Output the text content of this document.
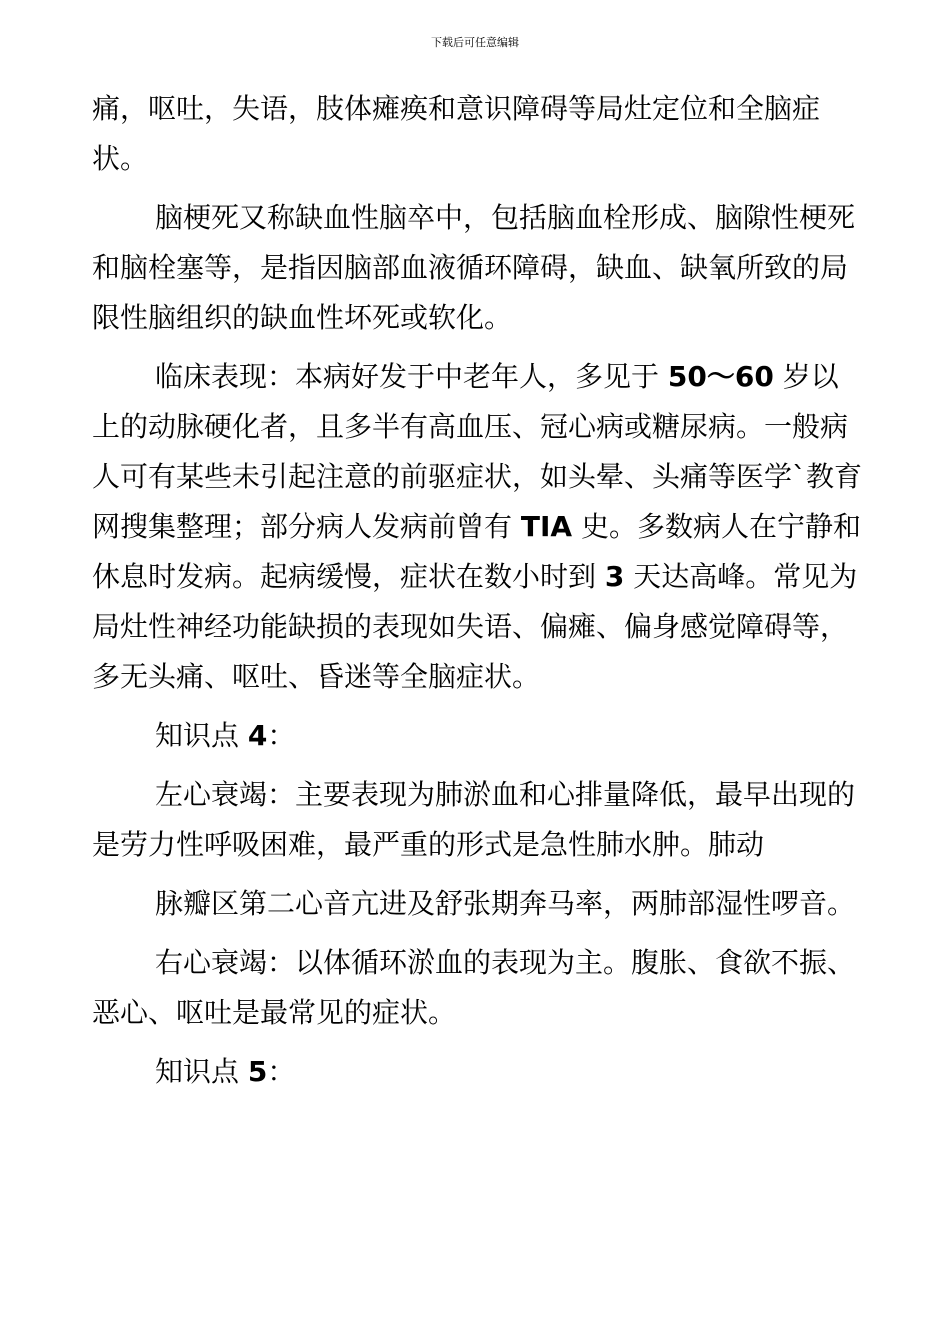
下载后可任意编辑

痛，呕吐，失语，肢体瘫痪和意识障碍等局灶定位和全脑症状。

脑梗死又称缺血性脑卒中，包括脑血栓形成、脑隙性梗死和脑栓塞等，是指因脑部血液循环障碍，缺血、缺氧所致的局限性脑组织的缺血性坏死或软化。

临床表现：本病好发于中老年人，多见于 50～60 岁以上的动脉硬化者，且多半有高血压、冠心病或糖尿病。一般病人可有某些未引起注意的前驱症状，如头晕、头痛等医学`教育网搜集整理；部分病人发病前曾有 TIA 史。多数病人在宁静和休息时发病。起病缓慢，症状在数小时到 3 天达高峰。常见为局灶性神经功能缺损的表现如失语、偏瘫、偏身感觉障碍等，多无头痛、呕吐、昏迷等全脑症状。

知识点 4：

左心衰竭：主要表现为肺淤血和心排量降低，最早出现的是劳力性呼吸困难，最严重的形式是急性肺水肿。肺动

脉瓣区第二心音亢进及舒张期奔马率，两肺部湿性啰音。

右心衰竭：以体循环淤血的表现为主。腹胀、食欲不振、恶心、呕吐是最常见的症状。

知识点 5：
